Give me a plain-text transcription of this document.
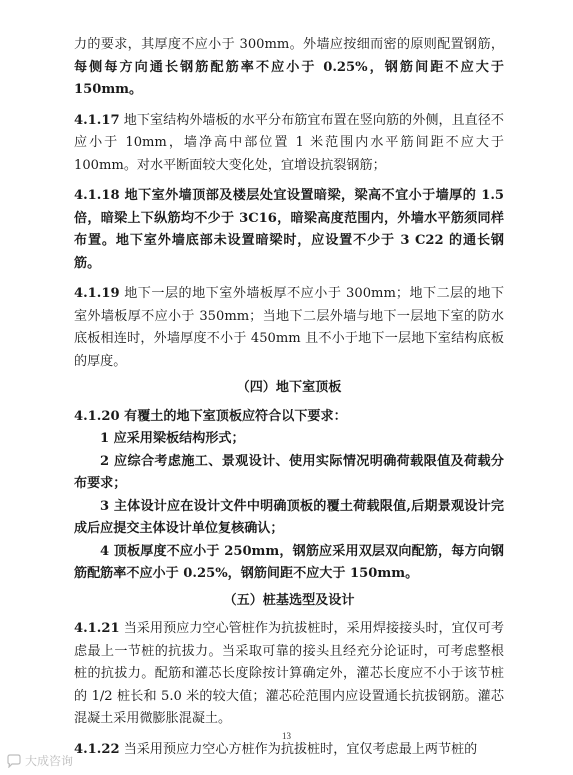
力的要求，其厚度不应小于 300mm。外墙应按细而密的原则配置钢筋，每侧每方向通长钢筋配筋率不应小于 0.25%，钢筋间距不应大于 150mm。

4.1.17 地下室结构外墙板的水平分布筋宜布置在竖向筋的外侧，且直径不应小于 10mm，墙净高中部位置 1 米范围内水平筋间距不应大于 100mm。对水平断面较大变化处，宜增设抗裂钢筋；

4.1.18 地下室外墙顶部及楼层处宜设置暗梁，梁高不宜小于墙厚的 1.5 倍，暗梁上下纵筋均不少于 3C16，暗梁高度范围内，外墙水平筋须同样布置。地下室外墙底部未设置暗梁时，应设置不少于 3 C22 的通长钢筋。

4.1.19 地下一层的地下室外墙板厚不应小于 300mm；地下二层的地下室外墙板厚不应小于 350mm；当地下二层外墙与地下一层地下室的防水底板相连时，外墙厚度不小于 450mm 且不小于地下一层地下室结构底板的厚度。

（四）地下室顶板

4.1.20 有覆土的地下室顶板应符合以下要求：

1 应采用梁板结构形式；

2 应综合考虑施工、景观设计、使用实际情况明确荷载限值及荷载分布要求；

3 主体设计应在设计文件中明确顶板的覆土荷载限值,后期景观设计完成后应提交主体设计单位复核确认；

4 顶板厚度不应小于 250mm，钢筋应采用双层双向配筋，每方向钢筋配筋率不应小于 0.25%，钢筋间距不应大于 150mm。

（五）桩基选型及设计

4.1.21 当采用预应力空心管桩作为抗拔桩时，采用焊接接头时，宜仅可考虑最上一节桩的抗拔力。当采取可靠的接头且经充分论证时，可考虑整根桩的抗拔力。配筋和灌芯长度除按计算确定外，灌芯长度应不小于该节桩的 1/2 桩长和 5.0 米的较大值；灌芯砼范围内应设置通长抗拔钢筋。灌芯混凝土采用微膨胀混凝土。

4.1.22 当采用预应力空心方桩作为抗拔桩时，宜仅考虑最上两节桩的

13
大成咨询
